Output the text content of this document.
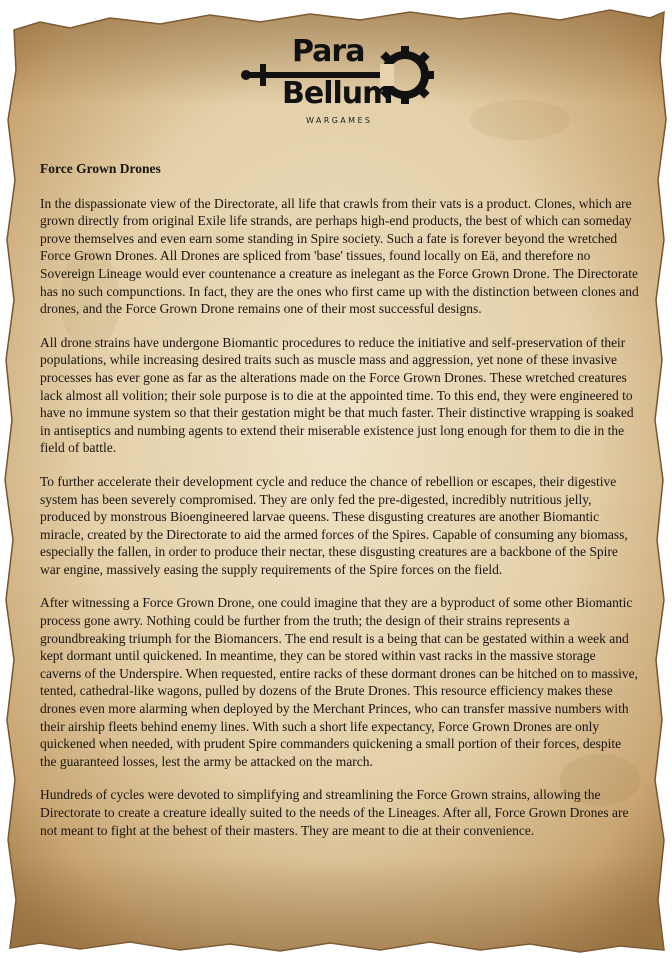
Para
Bellum
WARGAMES
Force Grown Drones

In the dispassionate view of the Directorate, all life that crawls from their vats is a product. Clones, which are grown directly from original Exile life strands, are perhaps high-end products, the best of which can someday prove themselves and even earn some standing in Spire society. Such a fate is forever beyond the wretched Force Grown Drones. All Drones are spliced from 'base' tissues, found locally on Eä, and therefore no Sovereign Lineage would ever countenance a creature as inelegant as the Force Grown Drone. The Directorate has no such compunctions. In fact, they are the ones who first came up with the distinction between clones and drones, and the Force Grown Drone remains one of their most successful designs.

All drone strains have undergone Biomantic procedures to reduce the initiative and self-preservation of their populations, while increasing desired traits such as muscle mass and aggression, yet none of these invasive processes has ever gone as far as the alterations made on the Force Grown Drones. These wretched creatures lack almost all volition; their sole purpose is to die at the appointed time. To this end, they were engineered to have no immune system so that their gestation might be that much faster. Their distinctive wrapping is soaked in antiseptics and numbing agents to extend their miserable existence just long enough for them to die in the field of battle.

To further accelerate their development cycle and reduce the chance of rebellion or escapes, their digestive system has been severely compromised. They are only fed the pre-digested, incredibly nutritious jelly, produced by monstrous Bioengineered larvae queens. These disgusting creatures are another Biomantic miracle, created by the Directorate to aid the armed forces of the Spires. Capable of consuming any biomass, especially the fallen, in order to produce their nectar, these disgusting creatures are a backbone of the Spire war engine, massively easing the supply requirements of the Spire forces on the field.

After witnessing a Force Grown Drone, one could imagine that they are a byproduct of some other Biomantic process gone awry. Nothing could be further from the truth; the design of their strains represents a groundbreaking triumph for the Biomancers. The end result is a being that can be gestated within a week and kept dormant until quickened. In meantime, they can be stored within vast racks in the massive storage caverns of the Underspire. When requested, entire racks of these dormant drones can be hitched on to massive, tented, cathedral-like wagons, pulled by dozens of the Brute Drones. This resource efficiency makes these drones even more alarming when deployed by the Merchant Princes, who can transfer massive numbers with their airship fleets behind enemy lines. With such a short life expectancy, Force Grown Drones are only quickened when needed, with prudent Spire commanders quickening a small portion of their forces, despite the guaranteed losses, lest the army be attacked on the march.

Hundreds of cycles were devoted to simplifying and streamlining the Force Grown strains, allowing the Directorate to create a creature ideally suited to the needs of the Lineages. After all, Force Grown Drones are not meant to fight at the behest of their masters. They are meant to die at their convenience.
